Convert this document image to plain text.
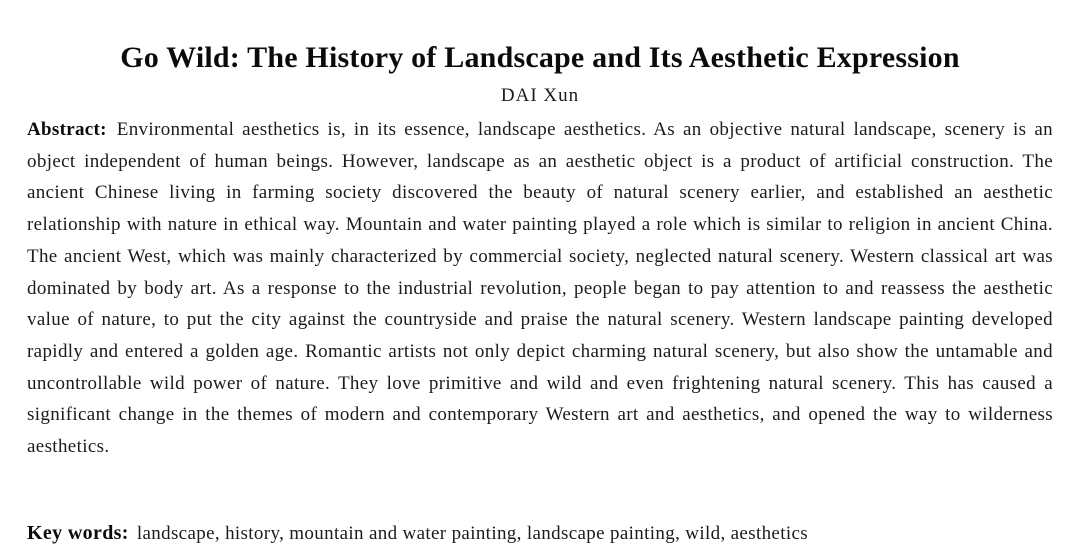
Go Wild: The History of Landscape and Its Aesthetic Expression
DAI Xun
Abstract: Environmental aesthetics is, in its essence, landscape aesthetics. As an objective natural landscape, scenery is an object independent of human beings. However, landscape as an aesthetic object is a product of artificial construction. The ancient Chinese living in farming society discovered the beauty of natural scenery earlier, and established an aesthetic relationship with nature in ethical way. Mountain and water painting played a role which is similar to religion in ancient China. The ancient West, which was mainly characterized by commercial society, neglected natural scenery. Western classical art was dominated by body art. As a response to the industrial revolution, people began to pay attention to and reassess the aesthetic value of nature, to put the city against the countryside and praise the natural scenery. Western landscape painting developed rapidly and entered a golden age. Romantic artists not only depict charming natural scenery, but also show the untamable and uncontrollable wild power of nature. They love primitive and wild and even frightening natural scenery. This has caused a significant change in the themes of modern and contemporary Western art and aesthetics, and opened the way to wilderness aesthetics.
Key words: landscape, history, mountain and water painting, landscape painting, wild, aesthetics
